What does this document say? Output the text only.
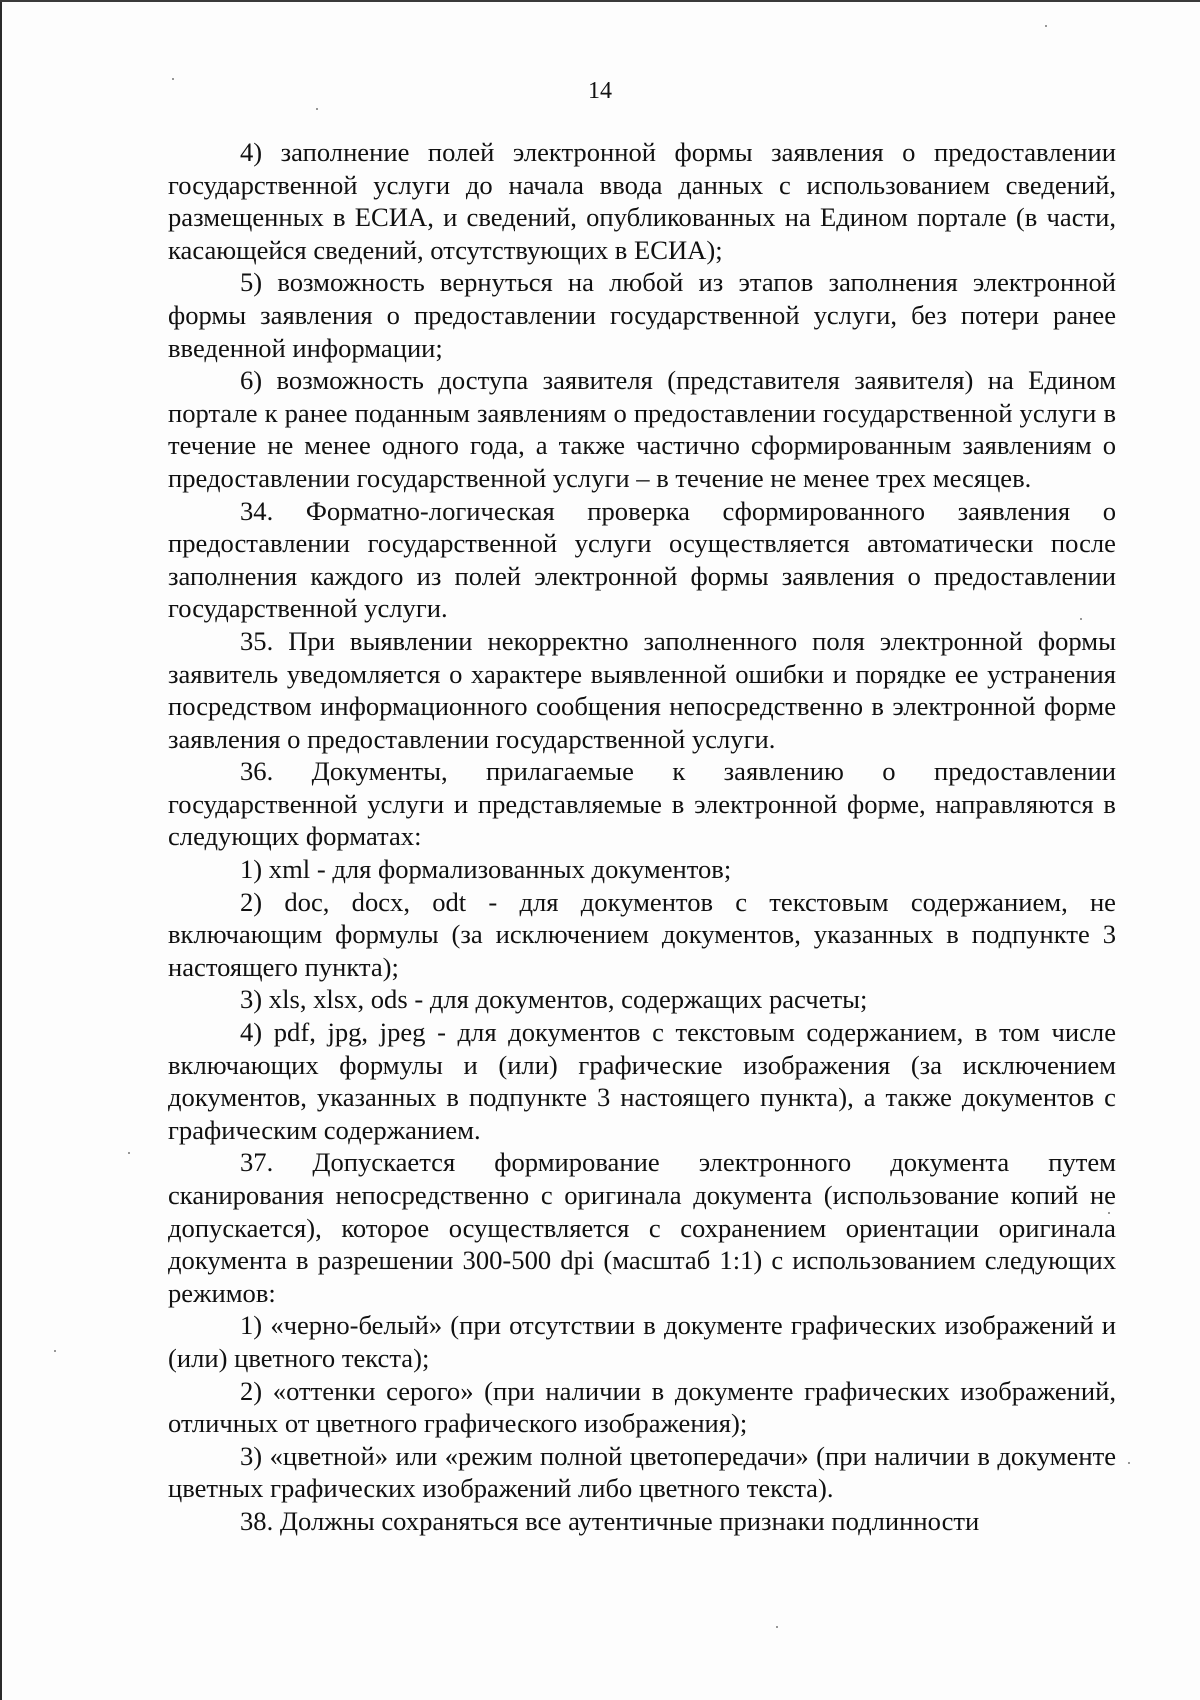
14

4) заполнение полей электронной формы заявления о предоставлении государственной услуги до начала ввода данных с использованием сведений, размещенных в ЕСИА, и сведений, опубликованных на Едином портале (в части, касающейся сведений, отсутствующих в ЕСИА);

5) возможность вернуться на любой из этапов заполнения электронной формы заявления о предоставлении государственной услуги, без потери ранее введенной информации;

6) возможность доступа заявителя (представителя заявителя) на Едином портале к ранее поданным заявлениям о предоставлении государственной услуги в течение не менее одного года, а также частично сформированным заявлениям о предоставлении государственной услуги – в течение не менее трех месяцев.

34. Форматно-логическая проверка сформированного заявления о предоставлении государственной услуги осуществляется автоматически после заполнения каждого из полей электронной формы заявления о предоставлении государственной услуги.

35. При выявлении некорректно заполненного поля электронной формы заявитель уведомляется о характере выявленной ошибки и порядке ее устранения посредством информационного сообщения непосредственно в электронной форме заявления о предоставлении государственной услуги.

36. Документы, прилагаемые к заявлению о предоставлении государственной услуги и представляемые в электронной форме, направляются в следующих форматах:

1) xml - для формализованных документов;

2) doc, docx, odt - для документов с текстовым содержанием, не включающим формулы (за исключением документов, указанных в подпункте 3 настоящего пункта);

3) xls, xlsx, ods - для документов, содержащих расчеты;

4) pdf, jpg, jpeg - для документов с текстовым содержанием, в том числе включающих формулы и (или) графические изображения (за исключением документов, указанных в подпункте 3 настоящего пункта), а также документов с графическим содержанием.

37. Допускается формирование электронного документа путем сканирования непосредственно с оригинала документа (использование копий не допускается), которое осуществляется с сохранением ориентации оригинала документа в разрешении 300-500 dpi (масштаб 1:1) с использованием следующих режимов:

1) «черно-белый» (при отсутствии в документе графических изображений и (или) цветного текста);

2) «оттенки серого» (при наличии в документе графических изображений, отличных от цветного графического изображения);

3) «цветной» или «режим полной цветопередачи» (при наличии в документе цветных графических изображений либо цветного текста).

38. Должны сохраняться все аутентичные признаки подлинности
